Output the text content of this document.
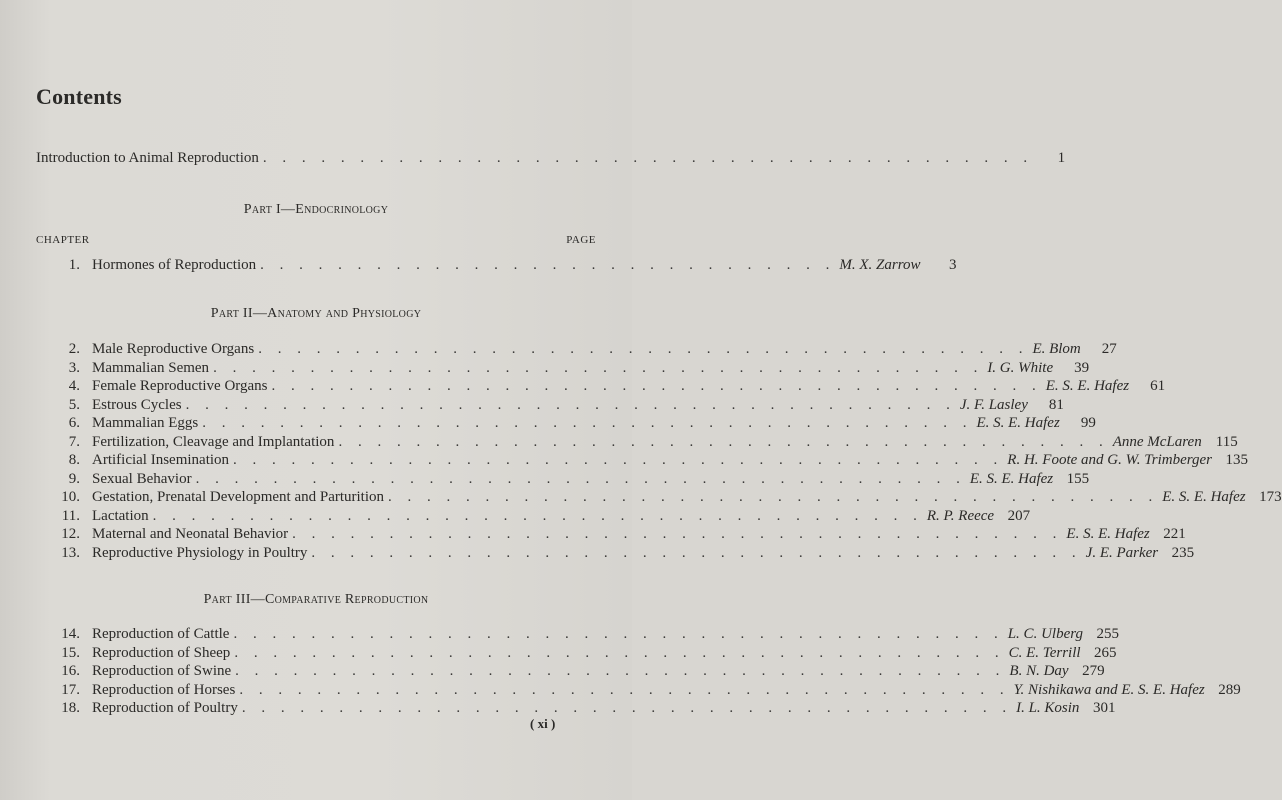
Contents
Introduction to Animal Reproduction . . . . . . . . . . . . . . . . . . . . . . . . . . . . . . . . . . . . . . . .	1
Part I—Endocrinology
CHAPTER	PAGE
1. Hormones of Reproduction . . . . . . . . . . . . . . . . . . . . . . . . . . . . . . M. X. Zarrow	3
Part II—Anatomy and Physiology
2. Male Reproductive Organs . . . . . . . . . . . . . . . . . . . . . . . . . . . . . . . . . . . . . . . . E. Blom	27
3. Mammalian Semen . . . . . . . . . . . . . . . . . . . . . . . . . . . . . . . . . . . . . . . . I. G. White	39
4. Female Reproductive Organs . . . . . . . . . . . . . . . . . . . . . . . . . . . . . . . . . . . . . . . . E. S. E. Hafez	61
5. Estrous Cycles . . . . . . . . . . . . . . . . . . . . . . . . . . . . . . . . . . . . . . . . J. F. Lasley	81
6. Mammalian Eggs . . . . . . . . . . . . . . . . . . . . . . . . . . . . . . . . . . . . . . . . E. S. E. Hafez	99
7. Fertilization, Cleavage and Implantation . . . . . . . . . . . . . . . . . . . . . . . . . . . . . . . . . . . . . . . . Anne McLaren 115
8. Artificial Insemination . . . . . . . . . . . . . . . . . . . . . . . . . . . . . . . . . . . . . . . . R. H. Foote and G. W. Trimberger 135
9. Sexual Behavior . . . . . . . . . . . . . . . . . . . . . . . . . . . . . . . . . . . . . . . . E. S. E. Hafez 155
10. Gestation, Prenatal Development and Parturition . . . . . . . . . . . . . . . . . . . . . . . . . . . . . . . . . . . . . . . . E. S. E. Hafez 173
11. Lactation . . . . . . . . . . . . . . . . . . . . . . . . . . . . . . . . . . . . . . . . R. P. Reece 207
12. Maternal and Neonatal Behavior . . . . . . . . . . . . . . . . . . . . . . . . . . . . . . . . . . . . . . . . E. S. E. Hafez 221
13. Reproductive Physiology in Poultry . . . . . . . . . . . . . . . . . . . . . . . . . . . . . . . . . . . . . . . . J. E. Parker 235
Part III—Comparative Reproduction
14. Reproduction of Cattle . . . . . . . . . . . . . . . . . . . . . . . . . . . . . . . . . . . . . . . . L. C. Ulberg 255
15. Reproduction of Sheep . . . . . . . . . . . . . . . . . . . . . . . . . . . . . . . . . . . . . . . . C. E. Terrill 265
16. Reproduction of Swine . . . . . . . . . . . . . . . . . . . . . . . . . . . . . . . . . . . . . . . . B. N. Day 279
17. Reproduction of Horses . . . . . . . . . . . . . . . . . . . . . . . . . . . . . . . . . . . . . . . . Y. Nishikawa and E. S. E. Hafez 289
18. Reproduction of Poultry . . . . . . . . . . . . . . . . . . . . . . . . . . . . . . . . . . . . . . . . I. L. Kosin 301
( xi )
